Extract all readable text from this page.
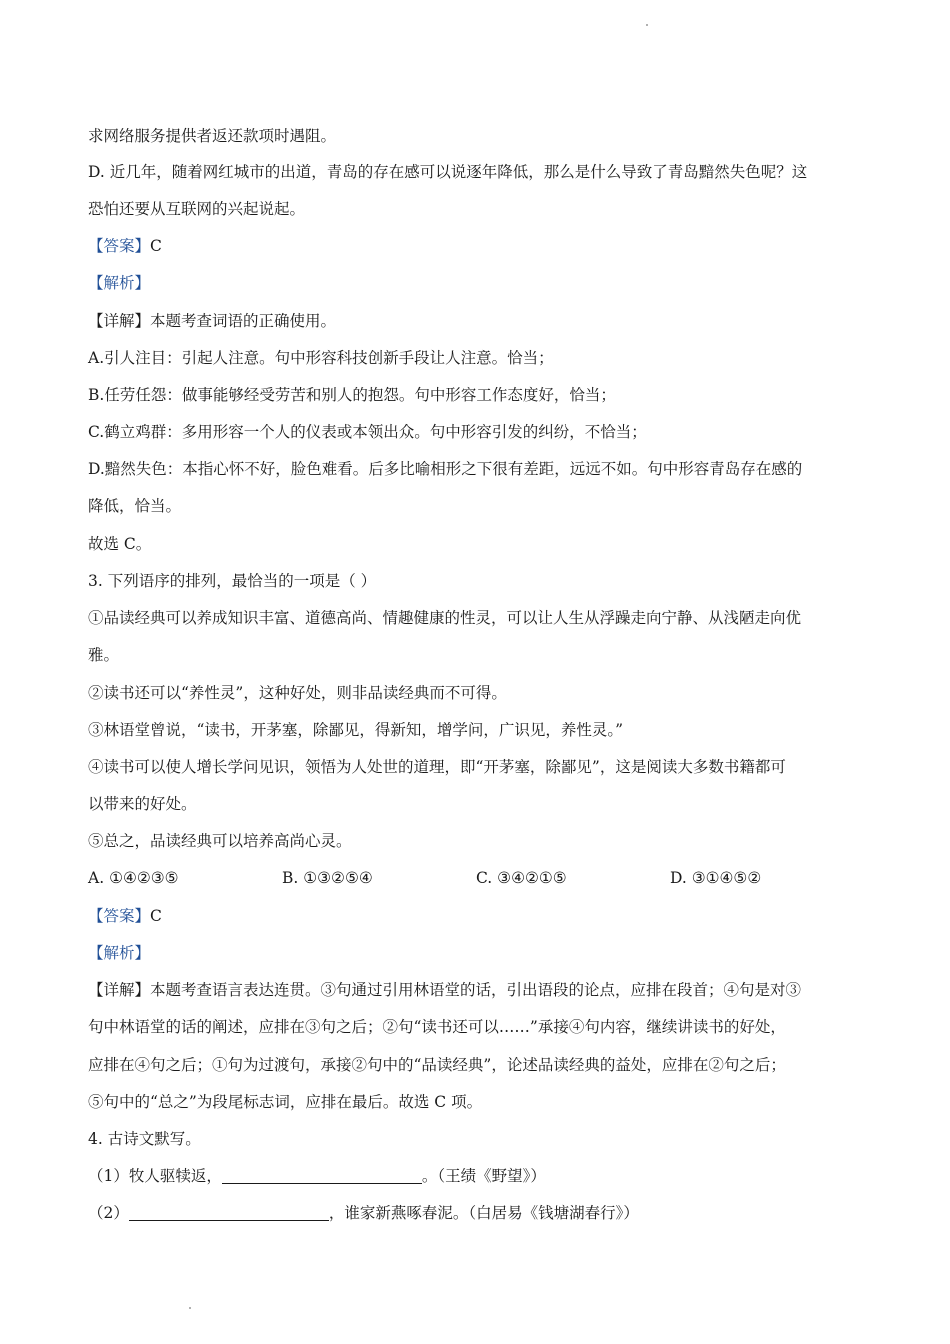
求网络服务提供者返还款项时遇阻。
D. 近几年，随着网红城市的出道，青岛的存在感可以说逐年降低，那么是什么导致了青岛黯然失色呢？这
恐怕还要从互联网的兴起说起。
【答案】C
【解析】
【详解】本题考查词语的正确使用。
A.引人注目：引起人注意。句中形容科技创新手段让人注意。恰当；
B.任劳任怨：做事能够经受劳苦和别人的抱怨。句中形容工作态度好，恰当；
C.鹤立鸡群：多用形容一个人的仪表或本领出众。句中形容引发的纠纷，不恰当；
D.黯然失色：本指心怀不好，脸色难看。后多比喻相形之下很有差距，远远不如。句中形容青岛存在感的
降低，恰当。
故选 C。
3. 下列语序的排列，最恰当的一项是（ ）
①品读经典可以养成知识丰富、道德高尚、情趣健康的性灵，可以让人生从浮躁走向宁静、从浅陋走向优
雅。
②读书还可以“养性灵”，这种好处，则非品读经典而不可得。
③林语堂曾说，“读书，开茅塞，除鄙见，得新知，增学问，广识见，养性灵。”
④读书可以使人增长学问见识，领悟为人处世的道理，即“开茅塞，除鄙见”，这是阅读大多数书籍都可
以带来的好处。
⑤总之，品读经典可以培养高尚心灵。
A. ①④②③⑤	B. ①③②⑤④	C. ③④②①⑤	D. ③①④⑤②
【答案】C
【解析】
【详解】本题考查语言表达连贯。③句通过引用林语堂的话，引出语段的论点，应排在段首；④句是对③
句中林语堂的话的阐述，应排在③句之后；②句“读书还可以……”承接④句内容，继续讲读书的好处，
应排在④句之后；①句为过渡句，承接②句中的“品读经典”，论述品读经典的益处，应排在②句之后；
⑤句中的“总之”为段尾标志词，应排在最后。故选 C 项。
4. 古诗文默写。
（1）牧人驱犊返，	。（王绩《野望》）
（2）	，谁家新燕啄春泥。（白居易《钱塘湖春行》）
